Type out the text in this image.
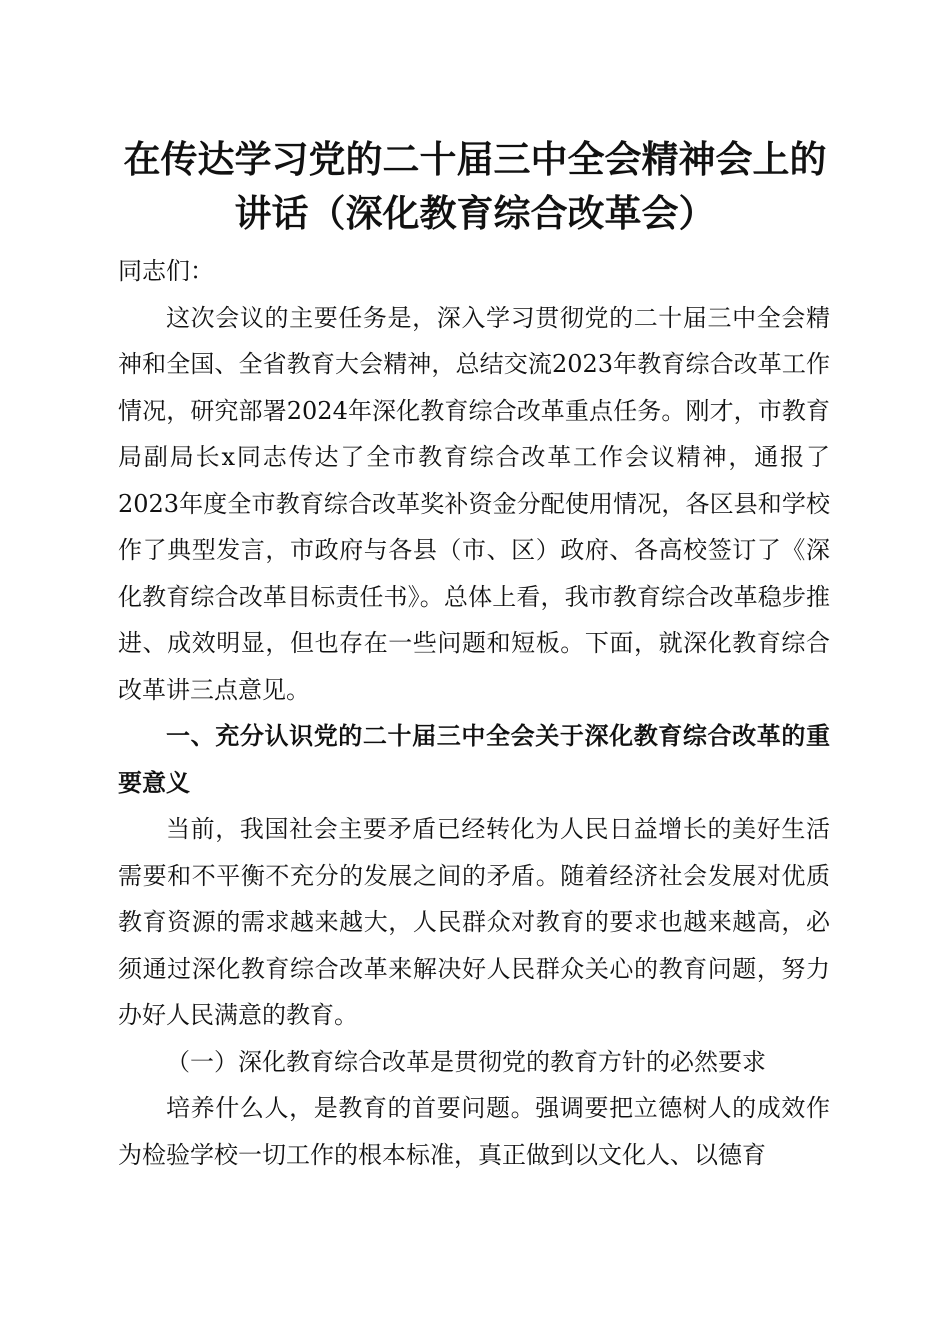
在传达学习党的二十届三中全会精神会上的讲话（深化教育综合改革会）

同志们：

这次会议的主要任务是，深入学习贯彻党的二十届三中全会精神和全国、全省教育大会精神，总结交流2023年教育综合改革工作情况，研究部署2024年深化教育综合改革重点任务。刚才，市教育局副局长x同志传达了全市教育综合改革工作会议精神，通报了2023年度全市教育综合改革奖补资金分配使用情况，各区县和学校作了典型发言，市政府与各县（市、区）政府、各高校签订了《深化教育综合改革目标责任书》。总体上看，我市教育综合改革稳步推进、成效明显，但也存在一些问题和短板。下面，就深化教育综合改革讲三点意见。

一、充分认识党的二十届三中全会关于深化教育综合改革的重要意义

当前，我国社会主要矛盾已经转化为人民日益增长的美好生活需要和不平衡不充分的发展之间的矛盾。随着经济社会发展对优质教育资源的需求越来越大，人民群众对教育的要求也越来越高，必须通过深化教育综合改革来解决好人民群众关心的教育问题，努力办好人民满意的教育。

（一）深化教育综合改革是贯彻党的教育方针的必然要求

培养什么人，是教育的首要问题。强调要把立德树人的成效作为检验学校一切工作的根本标准，真正做到以文化人、以德育
